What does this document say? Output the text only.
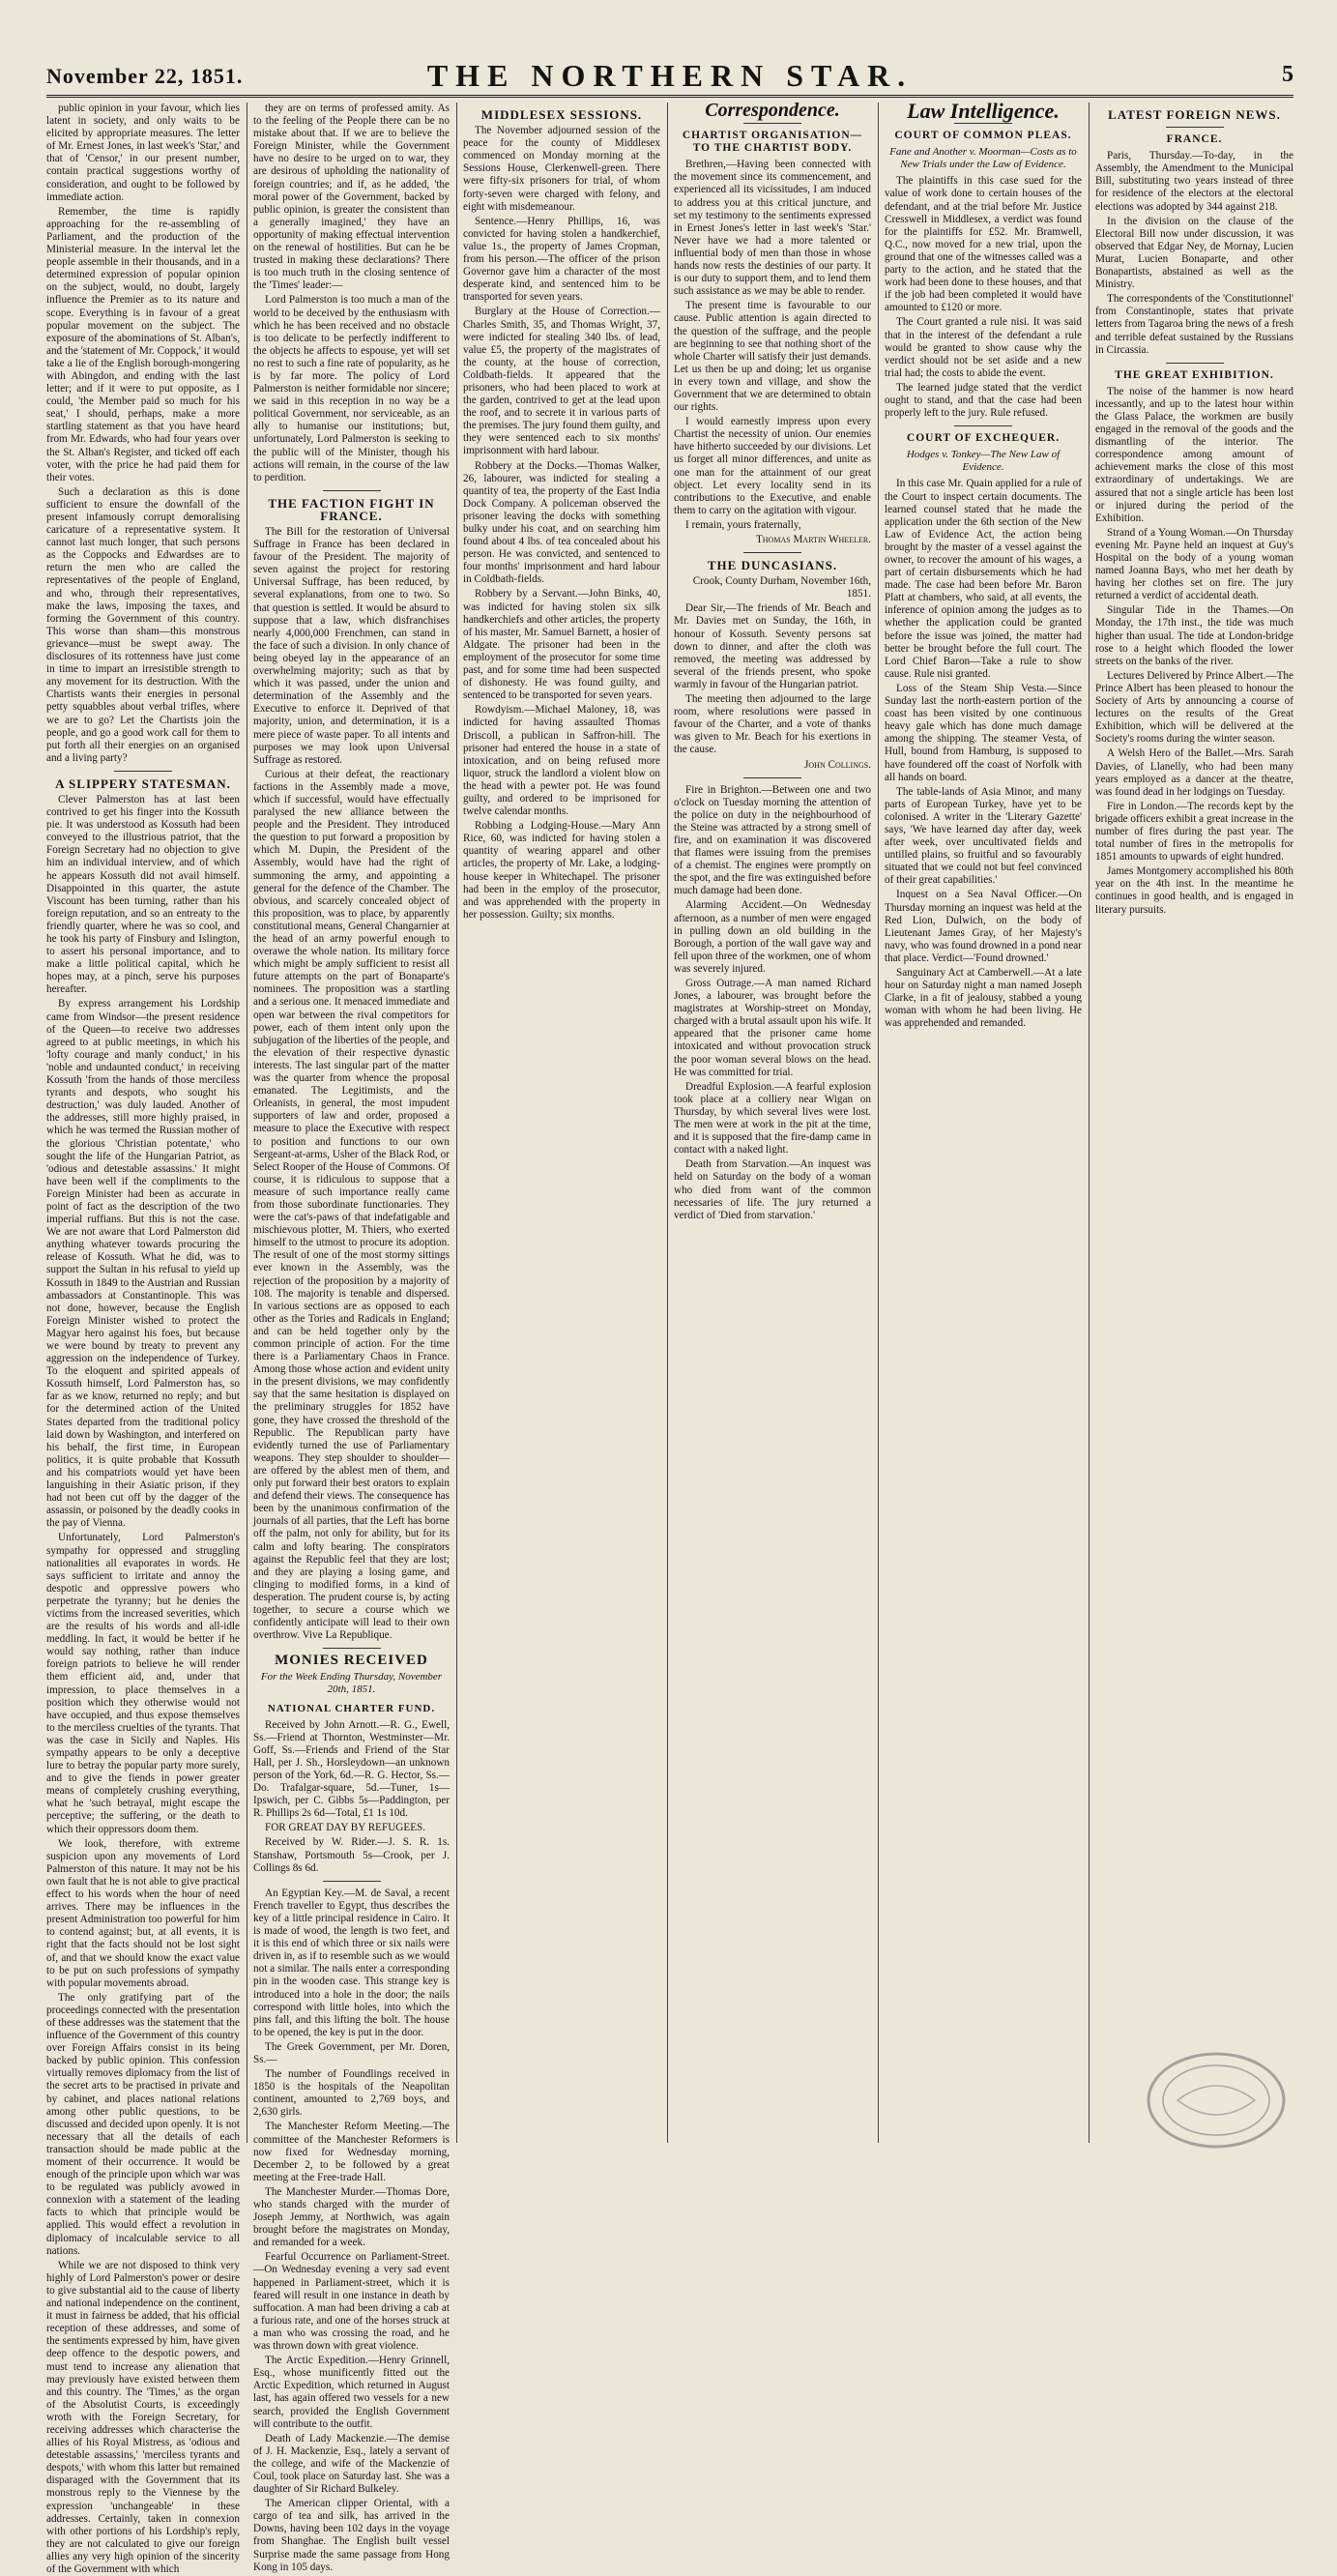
November 22, 1851.	THE NORTHERN STAR.	5

public opinion in your favour, which lies latent in society, and only waits to be elicited by appropriate measures. The letter of Mr. Ernest Jones, in last week's 'Star,' and that of 'Censor,' in our present number, contain practical suggestions worthy of consideration, and ought to be followed by immediate action.

Remember, the time is rapidly approaching for the re-assembling of Parliament, and the production of the Ministerial measure. In the interval let the people assemble in their thousands, and in a determined expression of popular opinion on the subject, would, no doubt, largely influence the Premier as to its nature and scope. Everything is in favour of a great popular movement on the subject. The exposure of the abominations of St. Alban's, and the 'statement of Mr. Coppock,' it would take a lie of the English borough-mongering with Abingdon, and ending with the last letter; and if it were to put opposite, as I could, 'the Member paid so much for his seat,' I should, perhaps, make a more startling statement as that you have heard from Mr. Edwards, who had four years over the St. Alban's Register, and ticked off each voter, with the price he had paid them for their votes.

Such a declaration as this is done sufficient to ensure the downfall of the present infamously corrupt demoralising caricature of a representative system. It cannot last much longer, that such persons as the Coppocks and Edwardses are to return the men who are called the representatives of the people of England, and who, through their representatives, make the laws, imposing the taxes, and forming the Government of this country. This worse than sham—this monstrous grievance—must be swept away. The disclosures of its rottenness have just come in time to impart an irresistible strength to any movement for its destruction. With the Chartists wants their energies in personal petty squabbles about verbal trifles, where we are to go? Let the Chartists join the people, and go a good work call for them to put forth all their energies on an organised and a living party?

A SLIPPERY STATESMAN.

Clever Palmerston has at last been contrived to get his finger into the Kossuth pie. It was understood as Kossuth had been conveyed to the illustrious patriot, that the Foreign Secretary had no objection to give him an individual interview, and of which he appears Kossuth did not avail himself. Disappointed in this quarter, the astute Viscount has been turning, rather than his foreign reputation, and so an entreaty to the friendly quarter, where he was so cool, and he took his party of Finsbury and Islington, to assert his personal importance, and to make a little political capital, which he hopes may, at a pinch, serve his purposes hereafter.

By express arrangement his Lordship came from Windsor—the present residence of the Queen—to receive two addresses agreed to at public meetings, in which his 'lofty courage and manly conduct,' in his 'noble and undaunted conduct,' in receiving Kossuth 'from the hands of those merciless tyrants and despots, who sought his destruction,' was duly lauded. Another of the addresses, still more highly praised, in which he was termed the Russian mother of the glorious 'Christian potentate,' who sought the life of the Hungarian Patriot, as 'odious and detestable assassins.' It might have been well if the compliments to the Foreign Minister had been as accurate in point of fact as the description of the two imperial ruffians. But this is not the case. We are not aware that Lord Palmerston did anything whatever towards procuring the release of Kossuth. What he did, was to support the Sultan in his refusal to yield up Kossuth in 1849 to the Austrian and Russian ambassadors at Constantinople. This was not done, however, because the English Foreign Minister wished to protect the Magyar hero against his foes, but because we were bound by treaty to prevent any aggression on the independence of Turkey. To the eloquent and spirited appeals of Kossuth himself, Lord Palmerston has, so far as we know, returned no reply; and but for the determined action of the United States departed from the traditional policy laid down by Washington, and interfered on his behalf, the first time, in European politics, it is quite probable that Kossuth and his compatriots would yet have been languishing in their Asiatic prison, if they had not been cut off by the dagger of the assassin, or poisoned by the deadly cooks in the pay of Vienna.

Unfortunately, Lord Palmerston's sympathy for oppressed and struggling nationalities all evaporates in words. He says sufficient to irritate and annoy the despotic and oppressive powers who perpetrate the tyranny; but he denies the victims from the increased severities, which are the results of his words and all-idle meddling. In fact, it would be better if he would say nothing, rather than induce foreign patriots to believe he will render them efficient aid, and, under that impression, to place themselves in a position which they otherwise would not have occupied, and thus expose themselves to the merciless cruelties of the tyrants. That was the case in Sicily and Naples. His sympathy appears to be only a deceptive lure to betray the popular party more surely, and to give the fiends in power greater means of completely crushing everything, what he 'such betrayal, might escape the perceptive; the suffering, or the death to which their oppressors doom them.

We look, therefore, with extreme suspicion upon any movements of Lord Palmerston of this nature. It may not be his own fault that he is not able to give practical effect to his words when the hour of need arrives. There may be influences in the present Administration too powerful for him to contend against; but, at all events, it is right that the facts should not be lost sight of, and that we should know the exact value to be put on such professions of sympathy with popular movements abroad.

The only gratifying part of the proceedings connected with the presentation of these addresses was the statement that the influence of the Government of this country over Foreign Affairs consist in its being backed by public opinion. This confession virtually removes diplomacy from the list of the secret arts to be practised in private and by cabinet, and places national relations among other public questions, to be discussed and decided upon openly. It is not necessary that all the details of each transaction should be made public at the moment of their occurrence. It would be enough of the principle upon which war was to be regulated was publicly avowed in connexion with a statement of the leading facts to which that principle would be applied. This would effect a revolution in diplomacy of incalculable service to all nations.

While we are not disposed to think very highly of Lord Palmerston's power or desire to give substantial aid to the cause of liberty and national independence on the continent, it must in fairness be added, that his official reception of these addresses, and some of the sentiments expressed by him, have given deep offence to the despotic powers, and must tend to increase any alienation that may previously have existed between them and this country. The 'Times,' as the organ of the Absolutist Courts, is exceedingly wroth with the Foreign Secretary, for receiving addresses which characterise the allies of his Royal Mistress, as 'odious and detestable assassins,' 'merciless tyrants and despots,' with whom this latter but remained disparaged with the Government that its monstrous reply to the Viennese by the expression 'unchangeable' in these addresses. Certainly, taken in connexion with other portions of his Lordship's reply, they are not calculated to give our foreign allies any very high opinion of the sincerity of the Government with which

they are on terms of professed amity. As to the feeling of the People there can be no mistake about that. If we are to believe the Foreign Minister, while the Government have no desire to be urged on to war, they are desirous of upholding the nationality of foreign countries; and if, as he added, 'the moral power of the Government, backed by public opinion, is greater the consistent than a generally imagined,' they have an opportunity of making effectual intervention on the renewal of hostilities. But can he be trusted in making these declarations? There is too much truth in the closing sentence of the 'Times' leader:—

Lord Palmerston is too much a man of the world to be deceived by the enthusiasm with which he has been received and no obstacle is too delicate to be perfectly indifferent to the objects he affects to espouse, yet will set no rest to such a fine rate of popularity, as he is by far more. The policy of Lord Palmerston is neither formidable nor sincere; we said in this reception in no way be a political Government, nor serviceable, as an ally to humanise our institutions; but, unfortunately, Lord Palmerston is seeking to the public will of the Minister, though his actions will remain, in the course of the law to perdition.

THE FACTION FIGHT IN FRANCE.

The Bill for the restoration of Universal Suffrage in France has been declared in favour of the President. The majority of seven against the project for restoring Universal Suffrage, has been reduced, by several explanations, from one to two. So that question is settled. It would be absurd to suppose that a law, which disfranchises nearly 4,000,000 Frenchmen, can stand in the face of such a division. In only chance of being obeyed lay in the appearance of an overwhelming majority; such as that by which it was passed, under the union and determination of the Assembly and the Executive to enforce it. Deprived of that majority, union, and determination, it is a mere piece of waste paper. To all intents and purposes we may look upon Universal Suffrage as restored.

Curious at their defeat, the reactionary factions in the Assembly made a move, which if successful, would have effectually paralysed the new alliance between the people and the President. They introduced the question to put forward a proposition by which M. Dupin, the President of the Assembly, would have had the right of summoning the army, and appointing a general for the defence of the Chamber. The obvious, and scarcely concealed object of this proposition, was to place, by apparently constitutional means, General Changarnier at the head of an army powerful enough to overawe the whole nation. Its military force which might be amply sufficient to resist all future attempts on the part of Bonaparte's nominees. The proposition was a startling and a serious one. It menaced immediate and open war between the rival competitors for power, each of them intent only upon the subjugation of the liberties of the people, and the elevation of their respective dynastic interests. The last singular part of the matter was the quarter from whence the proposal emanated. The Legitimists, and the Orleanists, in general, the most impudent supporters of law and order, proposed a measure to place the Executive with respect to position and functions to our own Sergeant-at-arms, Usher of the Black Rod, or Select Rooper of the House of Commons. Of course, it is ridiculous to suppose that a measure of such importance really came from those subordinate functionaries. They were the cat's-paws of that indefatigable and mischievous plotter, M. Thiers, who exerted himself to the utmost to procure its adoption. The result of one of the most stormy sittings ever known in the Assembly, was the rejection of the proposition by a majority of 108. The majority is tenable and dispersed. In various sections are as opposed to each other as the Tories and Radicals in England; and can be held together only by the common principle of action. For the time there is a Parliamentary Chaos in France. Among those whose action and evident unity in the present divisions, we may confidently say that the same hesitation is displayed on the preliminary struggles for 1852 have gone, they have crossed the threshold of the Republic. The Republican party have evidently turned the use of Parliamentary weapons. They step shoulder to shoulder—are offered by the ablest men of them, and only put forward their best orators to explain and defend their views. The consequence has been by the unanimous confirmation of the journals of all parties, that the Left has borne off the palm, not only for ability, but for its calm and lofty bearing. The conspirators against the Republic feel that they are lost; and they are playing a losing game, and clinging to modified forms, in a kind of desperation. The prudent course is, by acting together, to secure a course which we confidently anticipate will lead to their own overthrow. Vive La Republique.

MONIES RECEIVED
For the Week Ending Thursday, November 20th, 1851.
NATIONAL CHARTER FUND.

Received by John Arnott.—R. G., Ewell, Ss.—Friend at Thornton, Westminster—Mr. Goff, Ss.—Friends and Friend of the Star Hall, per J. Sh., Horsleydown—an unknown person of the York, 6d.—R. G. Hector, Ss.—Do. Trafalgar-square, 5d.—Tuner, 1s—Ipswich, per C. Gibbs 5s—Paddington, per R. Phillips 2s 6d—Total, £1 1s 10d.

FOR GREAT DAY BY REFUGEES.

Received by W. Rider.—J. S. R. 1s. Stanshaw, Portsmouth 5s—Crook, per J. Collings 8s 6d.

An Egyptian Key.—M. de Saval, a recent French traveller to Egypt, thus describes the key of a little principal residence in Cairo. It is made of wood, the length is two feet, and it is this end of which three or six nails were driven in, as if to resemble such as we would not a similar. The nails enter a corresponding pin in the wooden case. This strange key is introduced into a hole in the door; the nails correspond with little holes, into which the pins fall, and this lifting the bolt. The house to be opened, the key is put in the door.

The Greek Government, per Mr. Doren, Ss.—

The number of Foundlings received in 1850 is the hospitals of the Neapolitan continent, amounted to 2,769 boys, and 2,630 girls.

The Manchester Reform Meeting.—The committee of the Manchester Reformers is now fixed for Wednesday morning, December 2, to be followed by a great meeting at the Free-trade Hall.

The Manchester Murder.—Thomas Dore, who stands charged with the murder of Joseph Jemmy, at Northwich, was again brought before the magistrates on Monday, and remanded for a week.

Fearful Occurrence on Parliament-Street.—On Wednesday evening a very sad event happened in Parliament-street, which it is feared will result in one instance in death by suffocation. A man had been driving a cab at a furious rate, and one of the horses struck at a man who was crossing the road, and he was thrown down with great violence.

The Arctic Expedition.—Henry Grinnell, Esq., whose munificently fitted out the Arctic Expedition, which returned in August last, has again offered two vessels for a new search, provided the English Government will contribute to the outfit.

Death of Lady Mackenzie.—The demise of J. H. Mackenzie, Esq., lately a servant of the college, and wife of the Mackenzie of Coul, took place on Saturday last. She was a daughter of Sir Richard Bulkeley.

The American clipper Oriental, with a cargo of tea and silk, has arrived in the Downs, having been 102 days in the voyage from Shanghae. The English built vessel Surprise made the same passage from Hong Kong in 105 days.

MIDDLESEX SESSIONS.

The November adjourned session of the peace for the county of Middlesex commenced on Monday morning at the Sessions House, Clerkenwell-green. There were fifty-six prisoners for trial, of whom forty-seven were charged with felony, and eight with misdemeanour.

Sentence.—Henry Phillips, 16, was convicted for having stolen a handkerchief, value 1s., the property of James Cropman, from his person.—The officer of the prison Governor gave him a character of the most desperate kind, and sentenced him to be transported for seven years.

Burglary at the House of Correction.—Charles Smith, 35, and Thomas Wright, 37, were indicted for stealing 340 lbs. of lead, value £5, the property of the magistrates of the county, at the house of correction, Coldbath-fields. It appeared that the prisoners, who had been placed to work at the garden, contrived to get at the lead upon the roof, and to secrete it in various parts of the premises. The jury found them guilty, and they were sentenced each to six months' imprisonment with hard labour.

Robbery at the Docks.—Thomas Walker, 26, labourer, was indicted for stealing a quantity of tea, the property of the East India Dock Company. A policeman observed the prisoner leaving the docks with something bulky under his coat, and on searching him found about 4 lbs. of tea concealed about his person. He was convicted, and sentenced to four months' imprisonment and hard labour in Coldbath-fields.

Robbery by a Servant.—John Binks, 40, was indicted for having stolen six silk handkerchiefs and other articles, the property of his master, Mr. Samuel Barnett, a hosier of Aldgate. The prisoner had been in the employment of the prosecutor for some time past, and for some time had been suspected of dishonesty. He was found guilty, and sentenced to be transported for seven years.

Rowdyism.—Michael Maloney, 18, was indicted for having assaulted Thomas Driscoll, a publican in Saffron-hill. The prisoner had entered the house in a state of intoxication, and on being refused more liquor, struck the landlord a violent blow on the head with a pewter pot. He was found guilty, and ordered to be imprisoned for twelve calendar months.

Robbing a Lodging-House.—Mary Ann Rice, 60, was indicted for having stolen a quantity of wearing apparel and other articles, the property of Mr. Lake, a lodging-house keeper in Whitechapel. The prisoner had been in the employ of the prosecutor, and was apprehended with the property in her possession. Guilty; six months.

Correspondence.
CHARTIST ORGANISATION—TO THE CHARTIST BODY.

Brethren,—Having been connected with the movement since its commencement, and experienced all its vicissitudes, I am induced to address you at this critical juncture, and set my testimony to the sentiments expressed in Ernest Jones's letter in last week's 'Star.' Never have we had a more talented or influential body of men than those in whose hands now rests the destinies of our party. It is our duty to support them, and to lend them such assistance as we may be able to render.

The present time is favourable to our cause. Public attention is again directed to the question of the suffrage, and the people are beginning to see that nothing short of the whole Charter will satisfy their just demands. Let us then be up and doing; let us organise in every town and village, and show the Government that we are determined to obtain our rights.

I would earnestly impress upon every Chartist the necessity of union. Our enemies have hitherto succeeded by our divisions. Let us forget all minor differences, and unite as one man for the attainment of our great object. Let every locality send in its contributions to the Executive, and enable them to carry on the agitation with vigour.

I remain, yours fraternally,

Thomas Martin Wheeler.

THE DUNCASIANS.

Crook, County Durham, November 16th, 1851.

Dear Sir,—The friends of Mr. Beach and Mr. Davies met on Sunday, the 16th, in honour of Kossuth. Seventy persons sat down to dinner, and after the cloth was removed, the meeting was addressed by several of the friends present, who spoke warmly in favour of the Hungarian patriot.

The meeting then adjourned to the large room, where resolutions were passed in favour of the Charter, and a vote of thanks was given to Mr. Beach for his exertions in the cause.

John Collings.

Fire in Brighton.—Between one and two o'clock on Tuesday morning the attention of the police on duty in the neighbourhood of the Steine was attracted by a strong smell of fire, and on examination it was discovered that flames were issuing from the premises of a chemist. The engines were promptly on the spot, and the fire was extinguished before much damage had been done.

Alarming Accident.—On Wednesday afternoon, as a number of men were engaged in pulling down an old building in the Borough, a portion of the wall gave way and fell upon three of the workmen, one of whom was severely injured.

Gross Outrage.—A man named Richard Jones, a labourer, was brought before the magistrates at Worship-street on Monday, charged with a brutal assault upon his wife. It appeared that the prisoner came home intoxicated and without provocation struck the poor woman several blows on the head. He was committed for trial.

Dreadful Explosion.—A fearful explosion took place at a colliery near Wigan on Thursday, by which several lives were lost. The men were at work in the pit at the time, and it is supposed that the fire-damp came in contact with a naked light.

Death from Starvation.—An inquest was held on Saturday on the body of a woman who died from want of the common necessaries of life. The jury returned a verdict of 'Died from starvation.'

Law Intelligence.
COURT OF COMMON PLEAS.
Fane and Another v. Moorman—Costs as to New Trials under the Law of Evidence.

The plaintiffs in this case sued for the value of work done to certain houses of the defendant, and at the trial before Mr. Justice Cresswell in Middlesex, a verdict was found for the plaintiffs for £52. Mr. Bramwell, Q.C., now moved for a new trial, upon the ground that one of the witnesses called was a party to the action, and he stated that the work had been done to these houses, and that if the job had been completed it would have amounted to £120 or more.

The Court granted a rule nisi. It was said that in the interest of the defendant a rule would be granted to show cause why the verdict should not be set aside and a new trial had; the costs to abide the event.

The learned judge stated that the verdict ought to stand, and that the case had been properly left to the jury. Rule refused.

COURT OF EXCHEQUER.
Hodges v. Tonkey—The New Law of Evidence.

In this case Mr. Quain applied for a rule of the Court to inspect certain documents. The learned counsel stated that he made the application under the 6th section of the New Law of Evidence Act, the action being brought by the master of a vessel against the owner, to recover the amount of his wages, a part of certain disbursements which he had made. The case had been before Mr. Baron Platt at chambers, who said, at all events, the inference of opinion among the judges as to whether the application could be granted before the issue was joined, the matter had better be brought before the full court. The Lord Chief Baron—Take a rule to show cause. Rule nisi granted.

Loss of the Steam Ship Vesta.—Since Sunday last the north-eastern portion of the coast has been visited by one continuous heavy gale which has done much damage among the shipping. The steamer Vesta, of Hull, bound from Hamburg, is supposed to have foundered off the coast of Norfolk with all hands on board.

The table-lands of Asia Minor, and many parts of European Turkey, have yet to be colonised. A writer in the 'Literary Gazette' says, 'We have learned day after day, week after week, over uncultivated fields and untilled plains, so fruitful and so favourably situated that we could not but feel convinced of their great capabilities.'

Inquest on a Sea Naval Officer.—On Thursday morning an inquest was held at the Red Lion, Dulwich, on the body of Lieutenant James Gray, of her Majesty's navy, who was found drowned in a pond near that place. Verdict—'Found drowned.'

Sanguinary Act at Camberwell.—At a late hour on Saturday night a man named Joseph Clarke, in a fit of jealousy, stabbed a young woman with whom he had been living. He was apprehended and remanded.

LATEST FOREIGN NEWS.
FRANCE.

Paris, Thursday.—To-day, in the Assembly, the Amendment to the Municipal Bill, substituting two years instead of three for residence of the electors at the electoral elections was adopted by 344 against 218.

In the division on the clause of the Electoral Bill now under discussion, it was observed that Edgar Ney, de Mornay, Lucien Murat, Lucien Bonaparte, and other Bonapartists, abstained as well as the Ministry.

The correspondents of the 'Constitutionnel' from Constantinople, states that private letters from Tagaroa bring the news of a fresh and terrible defeat sustained by the Russians in Circassia.

THE GREAT EXHIBITION.

The noise of the hammer is now heard incessantly, and up to the latest hour within the Glass Palace, the workmen are busily engaged in the removal of the goods and the dismantling of the interior. The correspondence among amount of achievement marks the close of this most extraordinary of undertakings. We are assured that not a single article has been lost or injured during the period of the Exhibition.

Strand of a Young Woman.—On Thursday evening Mr. Payne held an inquest at Guy's Hospital on the body of a young woman named Joanna Bays, who met her death by having her clothes set on fire. The jury returned a verdict of accidental death.

Singular Tide in the Thames.—On Monday, the 17th inst., the tide was much higher than usual. The tide at London-bridge rose to a height which flooded the lower streets on the banks of the river.

Lectures Delivered by Prince Albert.—The Prince Albert has been pleased to honour the Society of Arts by announcing a course of lectures on the results of the Great Exhibition, which will be delivered at the Society's rooms during the winter season.

A Welsh Hero of the Ballet.—Mrs. Sarah Davies, of Llanelly, who had been many years employed as a dancer at the theatre, was found dead in her lodgings on Tuesday.

Fire in London.—The records kept by the brigade officers exhibit a great increase in the number of fires during the past year. The total number of fires in the metropolis for 1851 amounts to upwards of eight hundred.

James Montgomery accomplished his 80th year on the 4th inst. In the meantime he continues in good health, and is engaged in literary pursuits.
